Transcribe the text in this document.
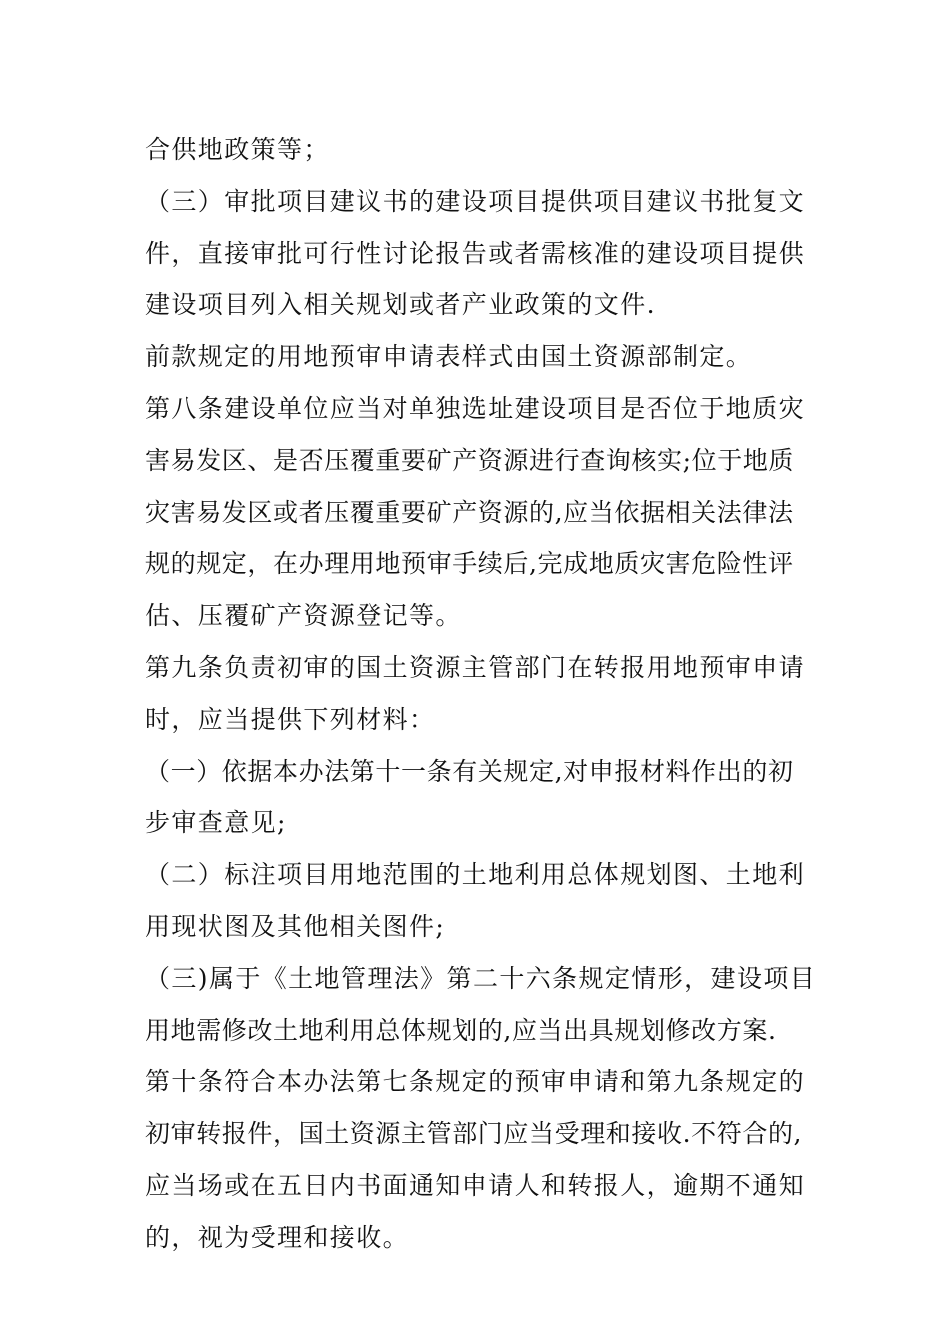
合供地政策等；
（三）审批项目建议书的建设项目提供项目建议书批复文
件，直接审批可行性讨论报告或者需核准的建设项目提供
建设项目列入相关规划或者产业政策的文件.
前款规定的用地预审申请表样式由国土资源部制定。
第八条建设单位应当对单独选址建设项目是否位于地质灾
害易发区、是否压覆重要矿产资源进行查询核实;位于地质
灾害易发区或者压覆重要矿产资源的,应当依据相关法律法
规的规定，在办理用地预审手续后,完成地质灾害危险性评
估、压覆矿产资源登记等。
第九条负责初审的国土资源主管部门在转报用地预审申请
时，应当提供下列材料：
（一）依据本办法第十一条有关规定,对申报材料作出的初
步审查意见;
（二）标注项目用地范围的土地利用总体规划图、土地利
用现状图及其他相关图件;
（三)属于《土地管理法》第二十六条规定情形，建设项目
用地需修改土地利用总体规划的,应当出具规划修改方案.
第十条符合本办法第七条规定的预审申请和第九条规定的
初审转报件，国土资源主管部门应当受理和接收.不符合的,
应当场或在五日内书面通知申请人和转报人，逾期不通知
的，视为受理和接收。
